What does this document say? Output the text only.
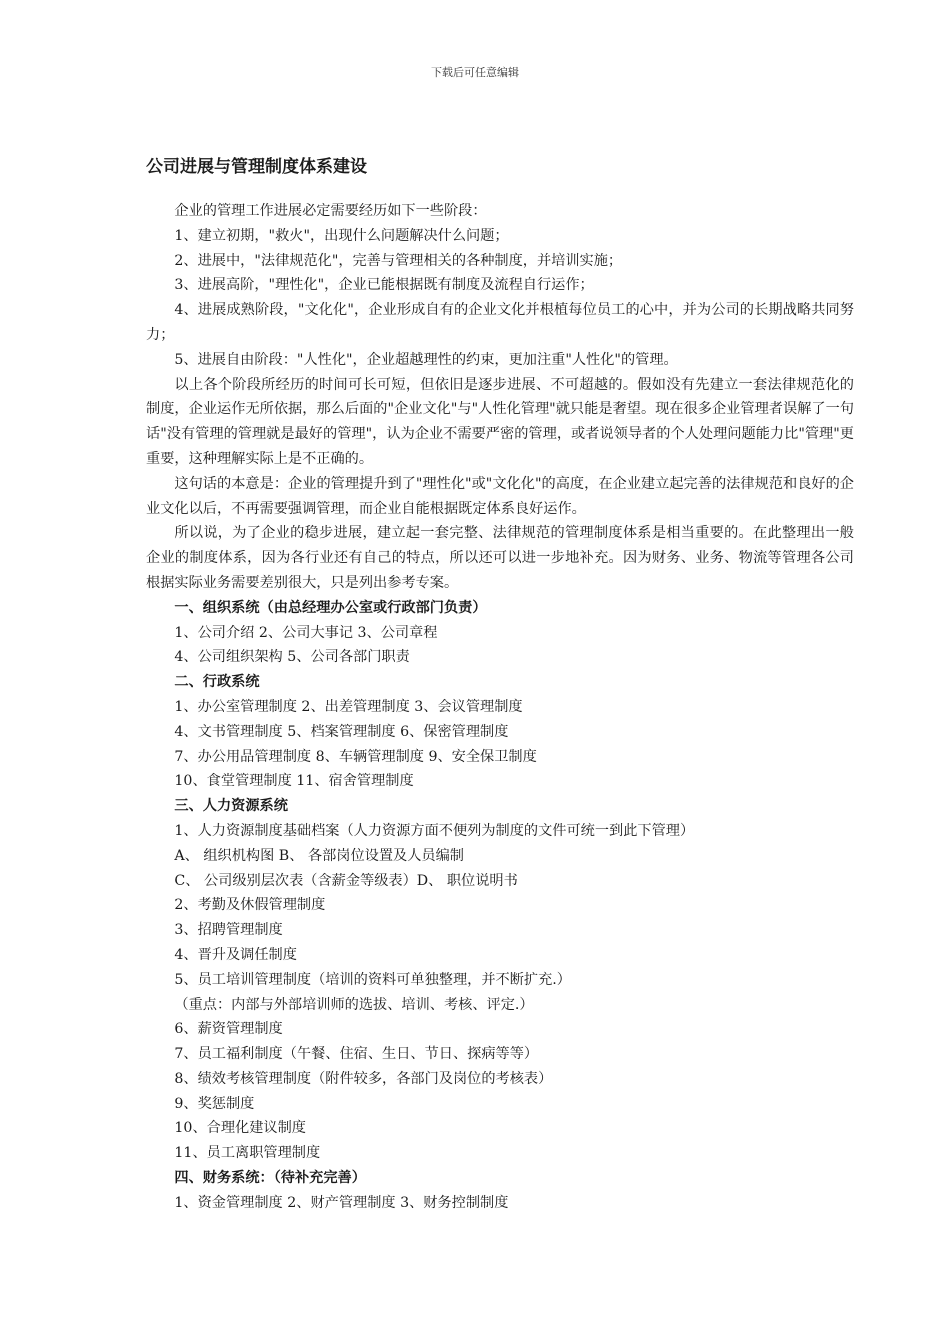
下载后可任意编辑
公司进展与管理制度体系建设

企业的管理工作进展必定需要经历如下一些阶段：

1、建立初期，"救火"，出现什么问题解决什么问题；

2、进展中，"法律规范化"，完善与管理相关的各种制度，并培训实施；

3、进展高阶，"理性化"，企业已能根据既有制度及流程自行运作；

4、进展成熟阶段，"文化化"，企业形成自有的企业文化并根植每位员工的心中，并为公司的长期战略共同努力；

5、进展自由阶段："人性化"，企业超越理性的约束，更加注重"人性化"的管理。

以上各个阶段所经历的时间可长可短，但依旧是逐步进展、不可超越的。假如没有先建立一套法律规范化的制度，企业运作无所依据，那么后面的"企业文化"与"人性化管理"就只能是奢望。现在很多企业管理者误解了一句话"没有管理的管理就是最好的管理"，认为企业不需要严密的管理，或者说领导者的个人处理问题能力比"管理"更重要，这种理解实际上是不正确的。

这句话的本意是：企业的管理提升到了"理性化"或"文化化"的高度，在企业建立起完善的法律规范和良好的企业文化以后，不再需要强调管理，而企业自能根据既定体系良好运作。

所以说，为了企业的稳步进展，建立起一套完整、法律规范的管理制度体系是相当重要的。在此整理出一般企业的制度体系，因为各行业还有自己的特点，所以还可以进一步地补充。因为财务、业务、物流等管理各公司根据实际业务需要差别很大，只是列出参考专案。

一、组织系统（由总经理办公室或行政部门负责）

1、公司介绍 2、公司大事记 3、公司章程

4、公司组织架构 5、公司各部门职责

二、行政系统

1、办公室管理制度 2、出差管理制度 3、会议管理制度

4、文书管理制度 5、档案管理制度 6、保密管理制度

7、办公用品管理制度 8、车辆管理制度 9、安全保卫制度

10、食堂管理制度 11、宿舍管理制度

三、人力资源系统

1、人力资源制度基础档案（人力资源方面不便列为制度的文件可统一到此下管理）

A、 组织机构图 B、 各部岗位设置及人员编制

C、 公司级别层次表（含薪金等级表）D、 职位说明书

2、考勤及休假管理制度

3、招聘管理制度

4、晋升及调任制度

5、员工培训管理制度（培训的资料可单独整理，并不断扩充.）

（重点：内部与外部培训师的选拔、培训、考核、评定.）

6、薪资管理制度

7、员工福利制度（午餐、住宿、生日、节日、探病等等）

8、绩效考核管理制度（附件较多，各部门及岗位的考核表）

9、奖惩制度

10、合理化建议制度

11、员工离职管理制度

四、财务系统：（待补充完善）

1、资金管理制度 2、财产管理制度 3、财务控制制度
